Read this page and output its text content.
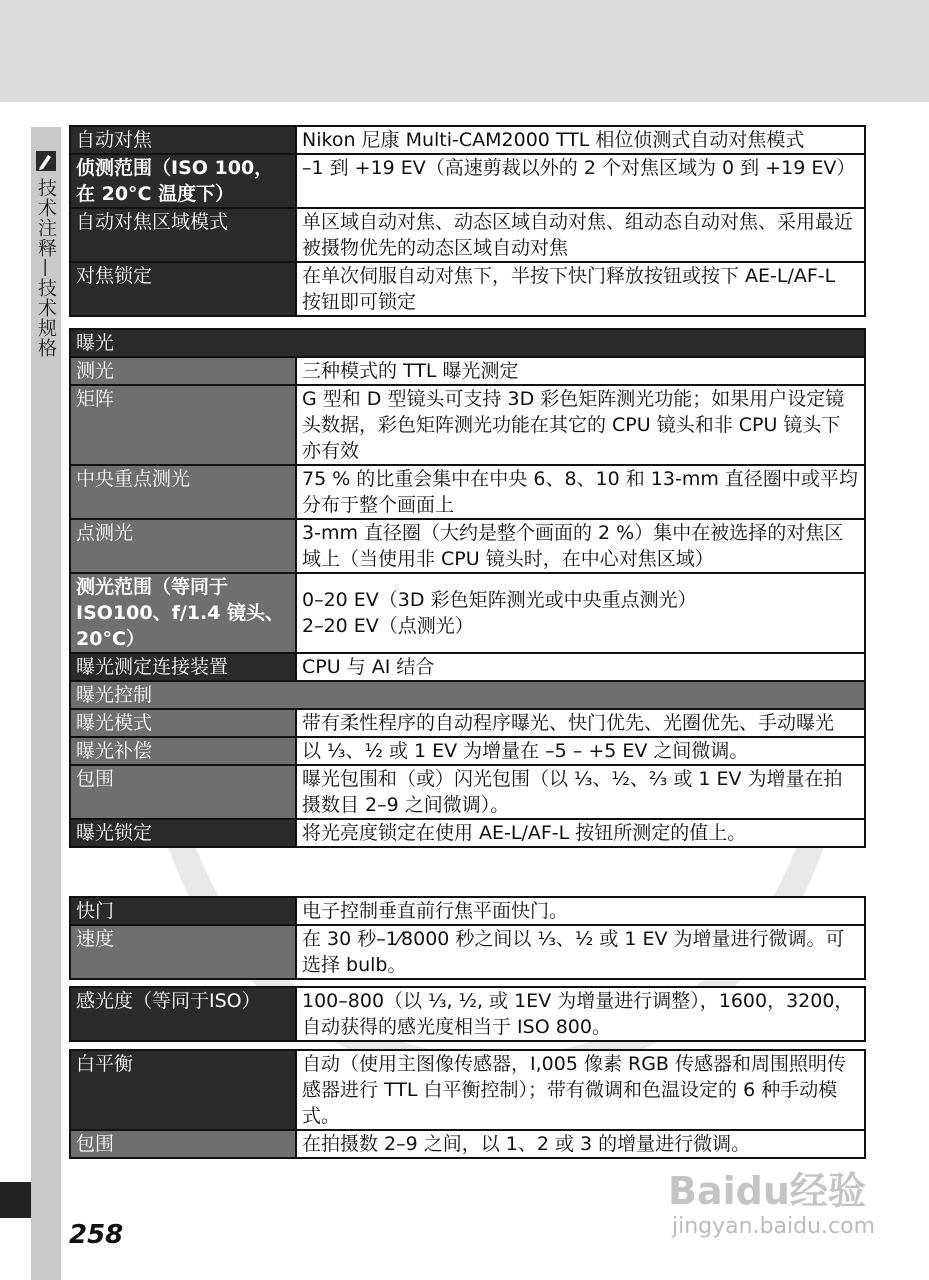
技术注释—技术规格
自动对焦	Nikon 尼康 Multi-CAM2000 TTL 相位侦测式自动对焦模式
侦测范围（ISO 100，在 20°C 温度下）	–1 到 +19 EV（高速剪裁以外的 2 个对焦区域为 0 到 +19 EV）
自动对焦区域模式	单区域自动对焦、动态区域自动对焦、组动态自动对焦、采用最近被摄物优先的动态区域自动对焦
对焦锁定	在单次伺服自动对焦下，半按下快门释放按钮或按下 AE-L/AF-L 按钮即可锁定
曝光	
测光	三种模式的 TTL 曝光测定
矩阵	G 型和 D 型镜头可支持 3D 彩色矩阵测光功能；如果用户设定镜头数据，彩色矩阵测光功能在其它的 CPU 镜头和非 CPU 镜头下亦有效
中央重点测光	75 % 的比重会集中在中央 6、8、10 和 13-mm 直径圈中或平均分布于整个画面上
点测光	3-mm 直径圈（大约是整个画面的 2 %）集中在被选择的对焦区域上（当使用非 CPU 镜头时，在中心对焦区域）
测光范围（等同于 ISO100、f/1.4 镜头、20°C）	0–20 EV（3D 彩色矩阵测光或中央重点测光）
2–20 EV（点测光）

曝光测定连接装置	CPU 与 AI 结合
曝光控制	
曝光模式	带有柔性程序的自动程序曝光、快门优先、光圈优先、手动曝光
曝光补偿	以 ⅓、½ 或 1 EV 为增量在 –5 – +5 EV 之间微调。
包围	曝光包围和（或）闪光包围（以 ⅓、½、⅔ 或 1 EV 为增量在拍摄数目 2–9 之间微调）。
曝光锁定	将光亮度锁定在使用 AE-L/AF-L 按钮所测定的值上。
快门	电子控制垂直前行焦平面快门。
速度	在 30 秒–1⁄8000 秒之间以 ⅓、½ 或 1 EV 为增量进行微调。可选择 bulb。
感光度（等同于ISO）	100–800（以 ⅓, ½, 或 1EV 为增量进行调整），1600，3200，自动获得的感光度相当于 ISO 800。
白平衡	自动（使用主图像传感器，I,005 像素 RGB 传感器和周围照明传感器进行 TTL 白平衡控制）；带有微调和色温设定的 6 种手动模式。
包围	在拍摄数 2–9 之间，以 1、2 或 3 的增量进行微调。
Baidu经验
jingyan.baidu.com
258
